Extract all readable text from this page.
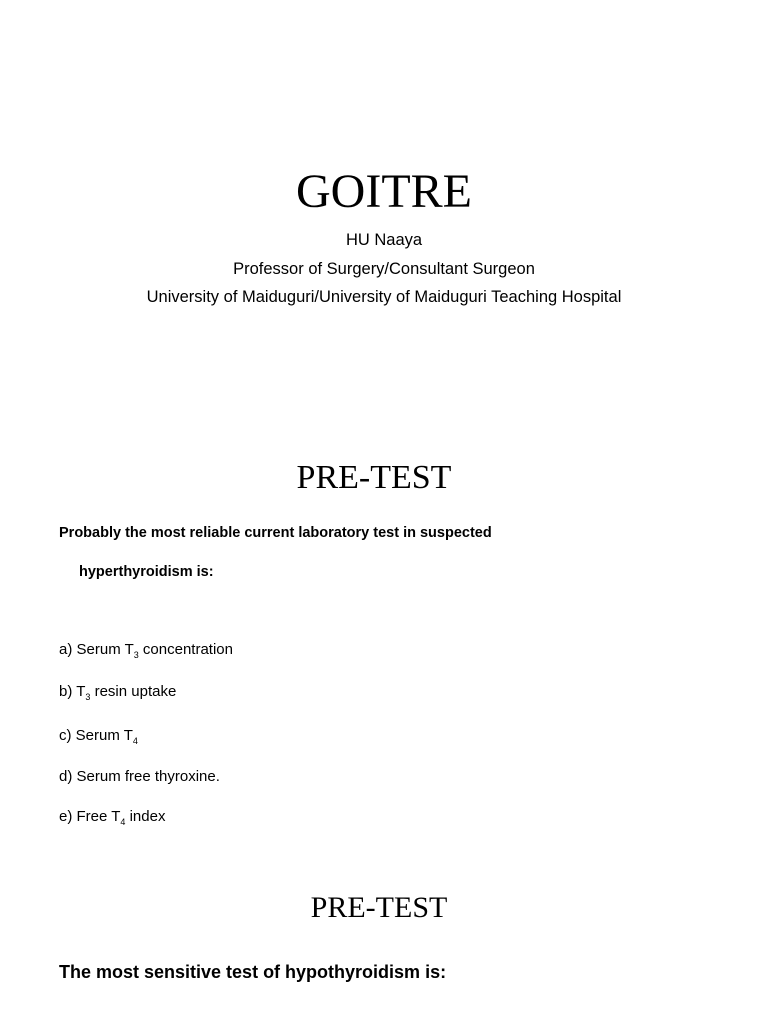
GOITRE
HU Naaya
Professor of Surgery/Consultant Surgeon
University of Maiduguri/University of Maiduguri Teaching Hospital
PRE-TEST
Probably the most reliable current laboratory test in suspected
hyperthyroidism is:
a) Serum $T_3$ concentration
b) $T_3$ resin uptake
c) Serum $T_4$
d) Serum free thyroxine.
e) Free $T_4$ index
PRE-TEST
The most sensitive test of hypothyroidism is:
